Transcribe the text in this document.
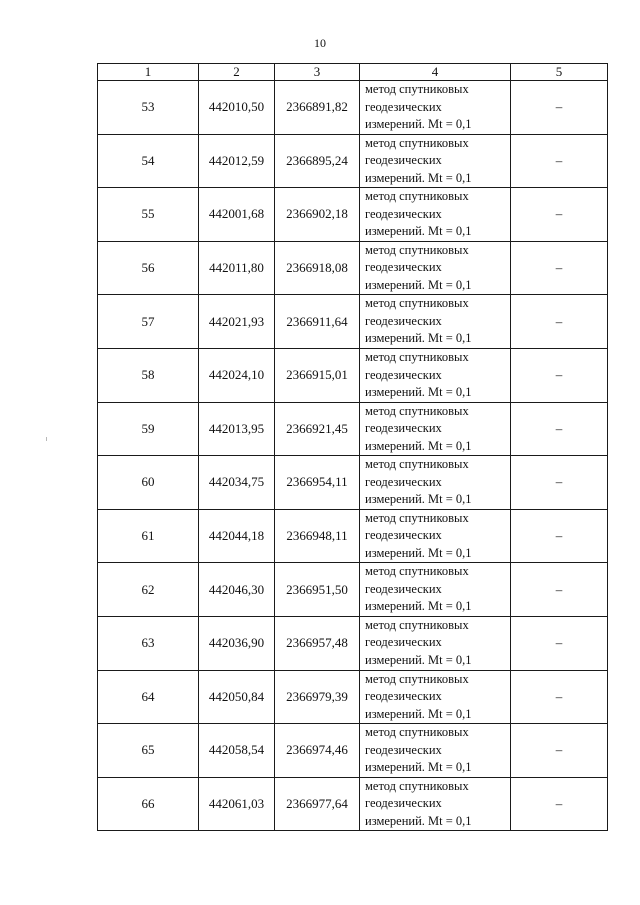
10
1	2	3	4	5
53	442010,50	2366891,82	метод спутниковых
геодезических
измерений. Mt = 0,1	–
54	442012,59	2366895,24	метод спутниковых
геодезических
измерений. Mt = 0,1	–
55	442001,68	2366902,18	метод спутниковых
геодезических
измерений. Mt = 0,1	–
56	442011,80	2366918,08	метод спутниковых
геодезических
измерений. Mt = 0,1	–
57	442021,93	2366911,64	метод спутниковых
геодезических
измерений. Mt = 0,1	–
58	442024,10	2366915,01	метод спутниковых
геодезических
измерений. Mt = 0,1	–
59	442013,95	2366921,45	метод спутниковых
геодезических
измерений. Mt = 0,1	–
60	442034,75	2366954,11	метод спутниковых
геодезических
измерений. Mt = 0,1	–
61	442044,18	2366948,11	метод спутниковых
геодезических
измерений. Mt = 0,1	–
62	442046,30	2366951,50	метод спутниковых
геодезических
измерений. Mt = 0,1	–
63	442036,90	2366957,48	метод спутниковых
геодезических
измерений. Mt = 0,1	–
64	442050,84	2366979,39	метод спутниковых
геодезических
измерений. Mt = 0,1	–
65	442058,54	2366974,46	метод спутниковых
геодезических
измерений. Mt = 0,1	–
66	442061,03	2366977,64	метод спутниковых
геодезических
измерений. Mt = 0,1	–
